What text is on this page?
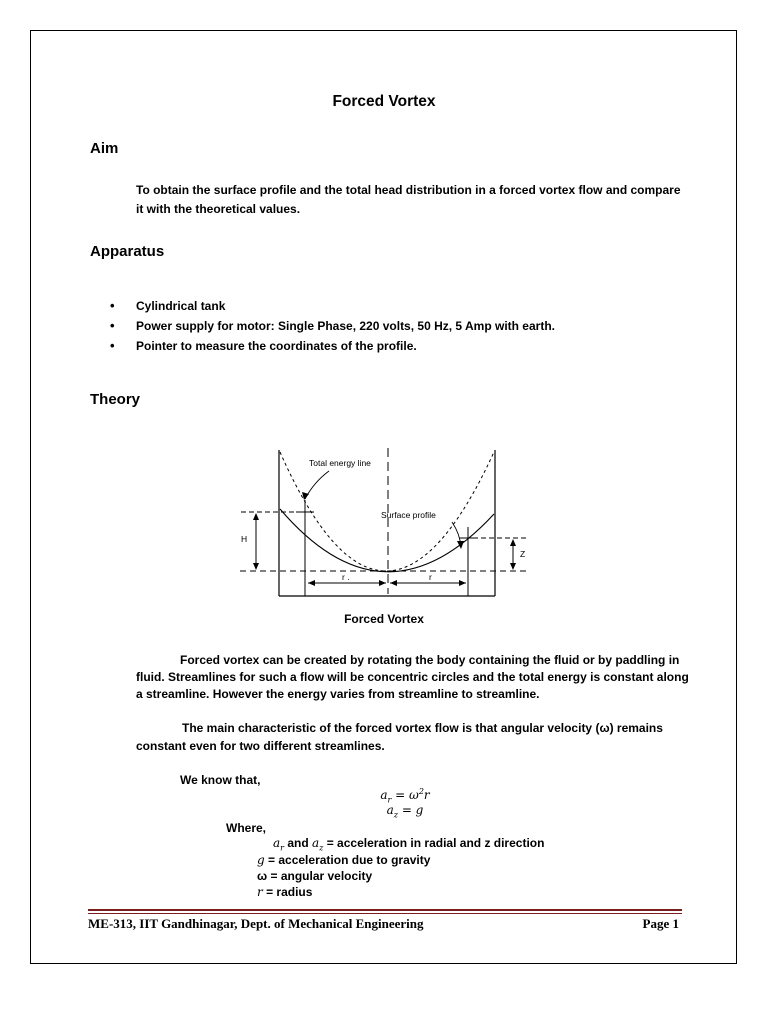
Forced Vortex
Aim
To obtain the surface profile and the total head distribution in a forced vortex flow and compare
it with the theoretical values.
Apparatus
• Cylindrical tank
• Power supply for motor: Single Phase, 220 volts, 50 Hz, 5 Amp with earth.
• Pointer to measure the coordinates of the profile.
Theory
H
Z
r .	r
Total energy line
Surface profile
Forced Vortex
Forced vortex can be created by rotating the body containing the fluid or by paddling in
fluid. Streamlines for such a flow will be concentric circles and the total energy is constant along
a streamline. However the energy varies from streamline to streamline.
The main characteristic of the forced vortex flow is that angular velocity (ω) remains
constant even for two different streamlines.
We know that,
$a_r = \omega^2r$
$a_z = g$
Where,
$a_r$ and $a_z$ = acceleration in radial and z direction
g = acceleration due to gravity
ω = angular velocity
r = radius
ME-313, IIT Gandhinagar, Dept. of Mechanical Engineering	Page 1
